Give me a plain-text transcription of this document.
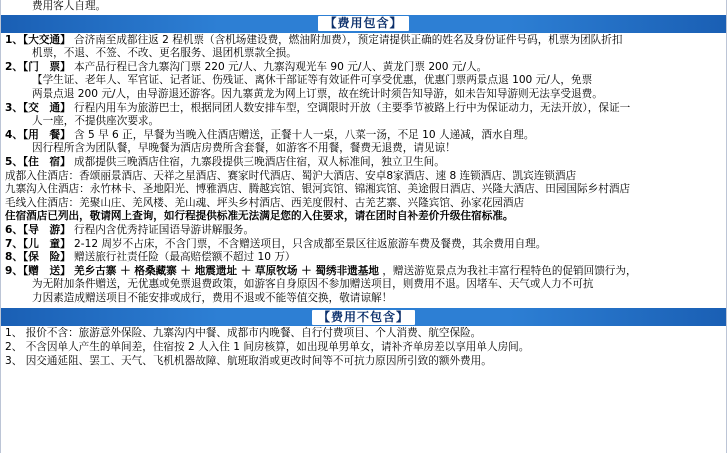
费用客人自理。
【费用包含】
1、【大交通】 合济南至成都往返 2 程机票（含机场建设费，燃油附加费），预定请提供正确的姓名及身份证件号码，机票为团队折扣
机票，不退、不签、不改、更名服务、退团机票款全损。
2、【门　票】 本产品行程已含九寨沟门票 220 元/人、九寨沟观光车 90 元/人、黄龙门票 200 元/人。
【学生证、老年人、军官证、记者证、伤残证、离休干部证等有效证件可享受优惠，优惠门票两景点退 100 元/人，免票
两景点退 200 元/人，由导游退还游客。因九寨黄龙为网上订票，故在统计时须告知导游，如未告知导游则无法享受退费。
3、【交　通】 行程内用车为旅游巴士，根据同团人数安排车型，空调限时开放（主要季节被路上行中为保证动力，无法开放），保证一
人一座，不提供座次要求。
4、【用　餐】 含 5 早 6 正，早餐为当晚入住酒店赠送，正餐十人一桌，八菜一汤，不足 10 人递减，酒水自理。
因行程所含为团队餐，早晚餐为酒店房费所含套餐，如游客不用餐，餐费无退费，请见谅！
5、【住　宿】 成都提供三晚酒店住宿，九寨段提供三晚酒店住宿，双人标准间，独立卫生间。
成都入住酒店：香颂丽景酒店、天祥之星酒店、赛家时代酒店、蜀沪大酒店、安卓8家酒店、速 8 连锁酒店、凯宾连锁酒店
九寨沟入住酒店：永竹林卡、圣地阳光、博雅酒店、腾越宾馆、银河宾馆、锦湘宾馆、美途假日酒店、兴隆大酒店、田园国际乡村酒店
毛线入住酒店：羌聚山庄、羌风楼、羌山魂、坪头乡村酒店、西羌度假村、古羌艺寨、兴隆宾馆、孙家花园酒店
住宿酒店已列出，敬请网上查询，如行程提供标准无法满足您的入住要求，请在团时自补差价升级住宿标准。
6、【导　游】 行程内含优秀持证国语导游讲解服务。
7、【儿　童】 2-12 周岁不占床，不含门票，不含赠送项目，只含成都至景区往返旅游车费及餐费，其余费用自理。
8、【保　险】 赠送旅行社责任险（最高赔偿额不超过 10 万）
9、【赠　送】 羌乡古寨 ＋ 格桑藏寨 ＋ 地震遗址 ＋ 草原牧场 ＋ 蜀绣非遗基地 ，赠送游览景点为我社丰富行程特色的促销回馈行为，
为无附加条件赠送，无优惠或免票退费政策，如游客自身原因不参加赠送项目，则费用不退。因堵车、天气或人力不可抗
力因素造成赠送项目不能安排或成行，费用不退或不能等值交换，敬请谅解！
【费用不包含】
1、 报价不含：旅游意外保险、九寨沟内中餐、成都市内晚餐、自行付费项目、个人消费、航空保险。
2、 不含因单人产生的单间差，住宿按 2 人入住 1 间房核算，如出现单男单女，请补齐单房差以享用单人房间。
3、 因交通延阻、罢工、天气、飞机机器故障、航班取消或更改时间等不可抗力原因所引致的额外费用。
